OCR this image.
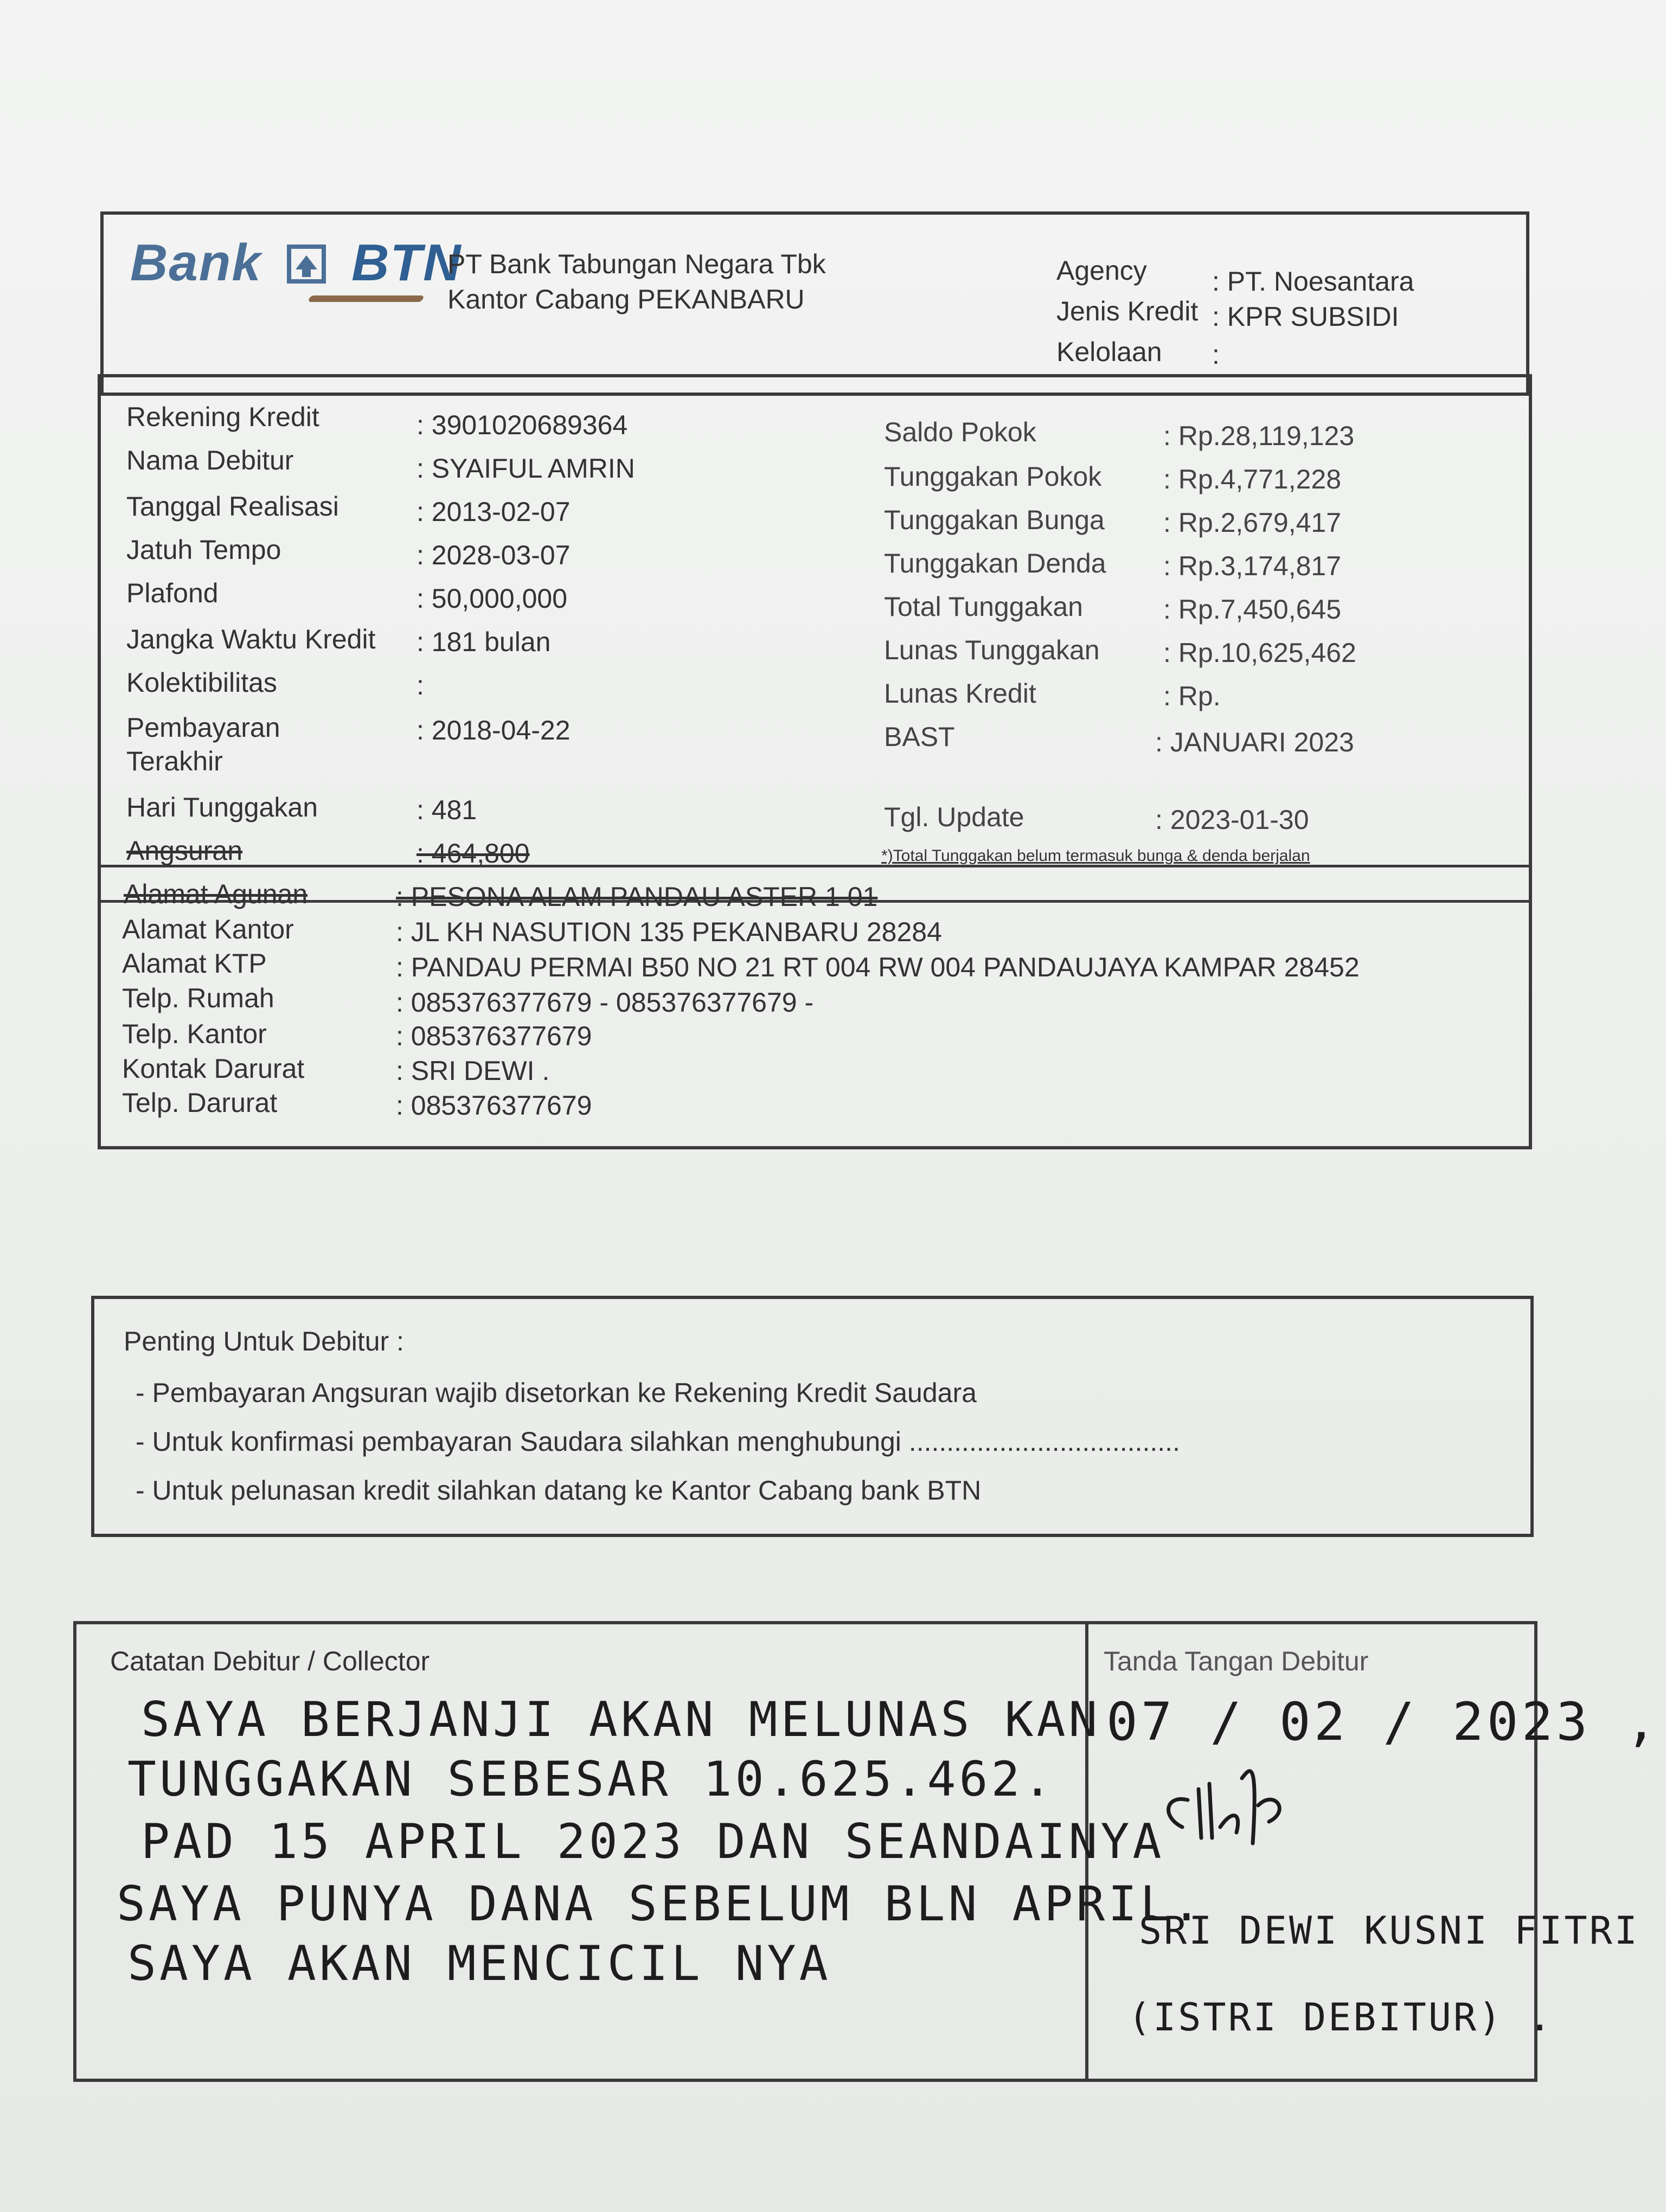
Bank BTN
PT Bank Tabungan Negara Tbk
Kantor Cabang PEKANBARU
Agency : PT. Noesantara
Jenis Kredit : KPR SUBSIDI
Kelolaan :
Rekening Kredit	: 3901020689364
Nama Debitur	: SYAIFUL AMRIN
Tanggal Realisasi	: 2013-02-07
Jatuh Tempo	: 2028-03-07
Plafond	: 50,000,000
Jangka Waktu Kredit : 181 bulan
Kolektibilitas	:
Pembayaran	: 2018-04-22
Terakhir
Hari Tunggakan	: 481
Angsuran	: 464,800
Saldo Pokok	: Rp.28,119,123
Tunggakan Pokok : Rp.4,771,228
Tunggakan Bunga : Rp.2,679,417
Tunggakan Denda : Rp.3,174,817
Total Tunggakan	: Rp.7,450,645
Lunas Tunggakan : Rp.10,625,462
Lunas Kredit	: Rp.
BAST	: JANUARI 2023
Tgl. Update	: 2023-01-30
*)Total Tunggakan belum termasuk bunga & denda berjalan
Alamat Agunan	: PESONA ALAM PANDAU ASTER 1 01
Alamat Kantor	: JL KH NASUTION 135 PEKANBARU 28284
Alamat KTP	: PANDAU PERMAI B50 NO 21 RT 004 RW 004 PANDAUJAYA KAMPAR 28452
Telp. Rumah	: 085376377679 - 085376377679 -
Telp. Kantor	: 085376377679
Kontak Darurat	: SRI DEWI .
Telp. Darurat	: 085376377679
Penting Untuk Debitur :
- Pembayaran Angsuran wajib disetorkan ke Rekening Kredit Saudara
- Untuk konfirmasi pembayaran Saudara silahkan menghubungi ....................................
- Untuk pelunasan kredit silahkan datang ke Kantor Cabang bank BTN
Catatan Debitur / Collector	Tanda Tangan Debitur
SAYA BERJANJI AKAN MELUNAS KAN
TUNGGAKAN SEBESAR 10.625.462.
PAD 15 APRIL 2023 DAN SEANDAINYA
SAYA PUNYA DANA SEBELUM BLN APRIL.
SAYA AKAN MENCICIL NYA
07 / 02 / 2023 ,
SRI DEWI KUSNI FITRI
(ISTRI DEBITUR) .
